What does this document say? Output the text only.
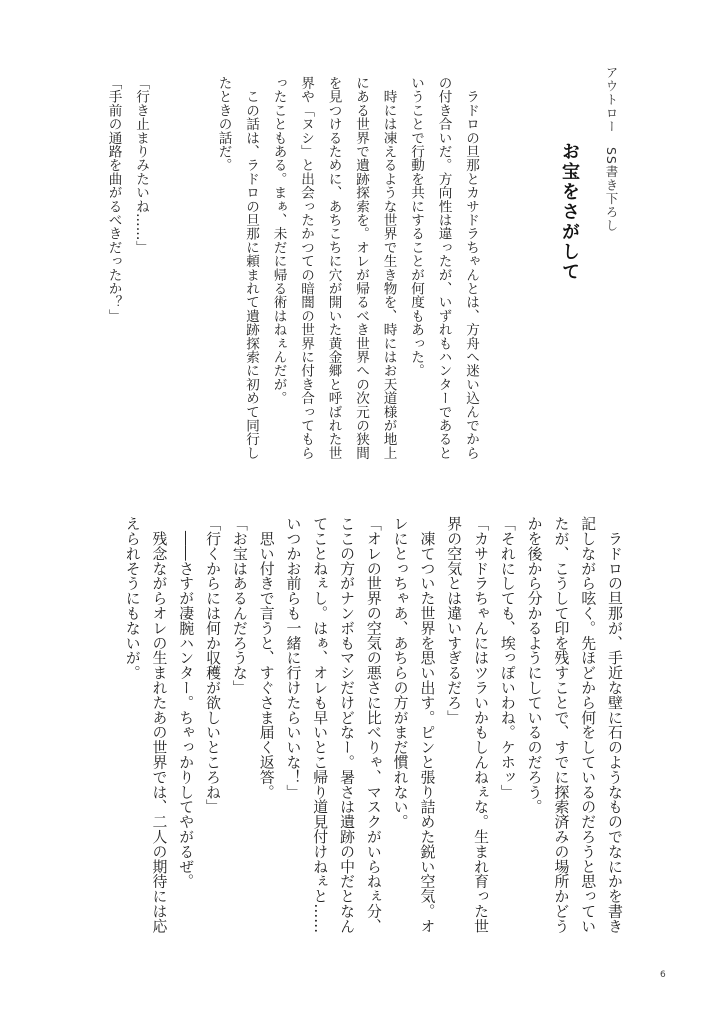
アウトロー　SS書き下ろし
お宝をさがして
　ラドロの旦那とカサドラちゃんとは、方舟へ迷い込んでから
の付き合いだ。方向性は違ったが、いずれもハンターであると
いうことで行動を共にすることが何度もあった。
　時には凍えるような世界で生き物を、時にはお天道様が地上
にある世界で遺跡探索を。オレが帰るべき世界への次元の狭間
を見つけるために、あちこちに穴が開いた黄金郷と呼ばれた世
界や「ヌシ」と出会ったかつての暗闇の世界に付き合ってもら
ったこともある。まぁ、未だに帰る術はねぇんだが。
　この話は、ラドロの旦那に頼まれて遺跡探索に初めて同行し
たときの話だ。

「行き止まりみたいね……」
「手前の通路を曲がるべきだったか？」
　ラドロの旦那が、手近な壁に石のようなものでなにかを書き
記しながら呟く。先ほどから何をしているのだろうと思ってい
たが、こうして印を残すことで、すでに探索済みの場所かどう
かを後から分かるようにしているのだろう。
「それにしても、埃っぽいわね。ケホッ」
「カサドラちゃんにはツラいかもしんねぇな。生まれ育った世
界の空気とは違いすぎるだろ」
　凍てついた世界を思い出す。ピンと張り詰めた鋭い空気。オ
レにとっちゃあ、あちらの方がまだ慣れない。
「オレの世界の空気の悪さに比べりゃ、マスクがいらねぇ分、
ここの方がナンボもマシだけどなー。暑さは遺跡の中だとなん
てことねぇし。はぁ、オレも早いとこ帰り道見付けねぇと……
いつかお前らも一緒に行けたらいいな！」
　思い付きで言うと、すぐさま届く返答。
「お宝はあるんだろうな」
「行くからには何か収穫が欲しいところね」
　――さすが凄腕ハンター。ちゃっかりしてやがるぜ。
　残念ながらオレの生まれたあの世界では、二人の期待には応
えられそうにもないが。
6
